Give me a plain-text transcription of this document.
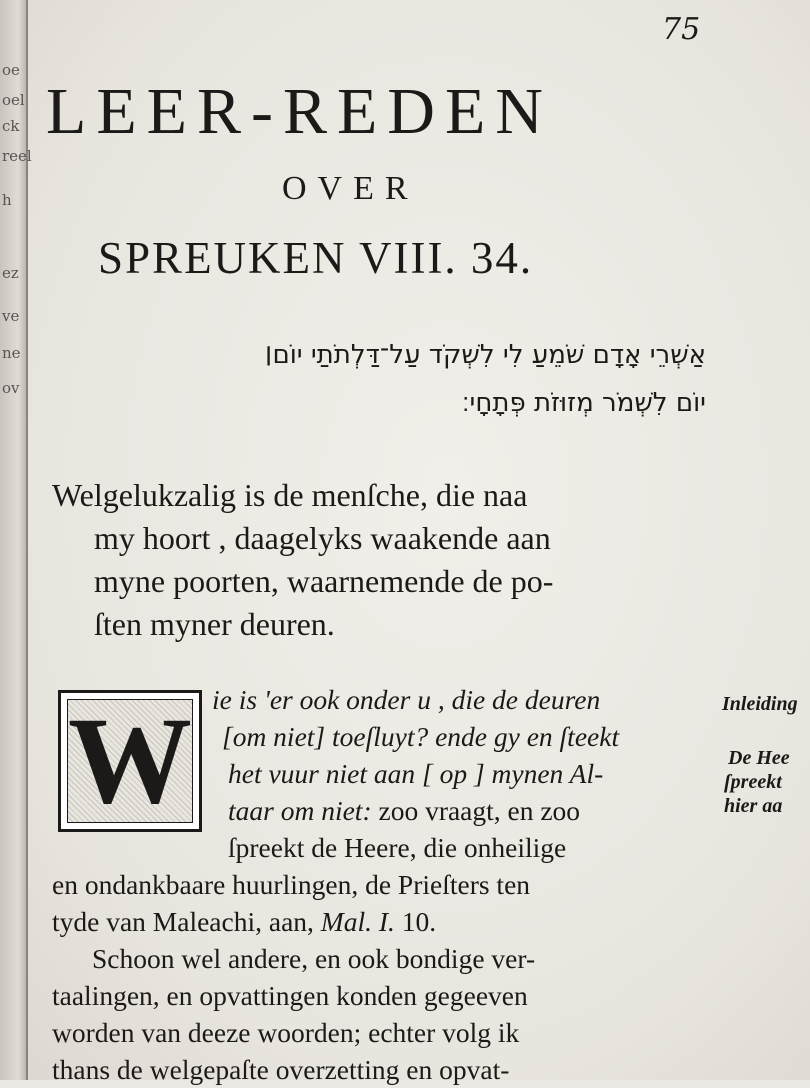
oe
oel
ck
reel
h
ez
ve
ne
ov
75
LEER-REDEN
OVER
SPREUKEN VIII. 34.
אַשְׁרֵי אָדָם שֹׁמֵעַ לִי לִשְׁקֹד עַל־דַּלְתֹתַי יוֹם׀
יוֹם לִשְׁמֹר מְזוּזֹת פְּתָחָי׃
Welgelukzalig is de menſche, die naa
my hoort , daagelyks waakende aan
myne poorten, waarnemende de po-
ſten myner deuren.
W ie is 'er ook onder u , die de deuren
[om niet] toeſluyt? ende gy en ſteekt
het vuur niet aan [ op ] mynen Al-
taar om niet: zoo vraagt, en zoo
ſpreekt de Heere, die onheilige
en ondankbaare huurlingen, de Prieſters ten
tyde van Maleachi, aan, Mal. I. 10.
Schoon wel andere, en ook bondige ver-
taalingen, en opvattingen konden gegeeven
worden van deeze woorden; echter volg ik
thans de welgepaſte overzetting en opvat-
Inleiding
De Hee
ſpreekt
hier aa
